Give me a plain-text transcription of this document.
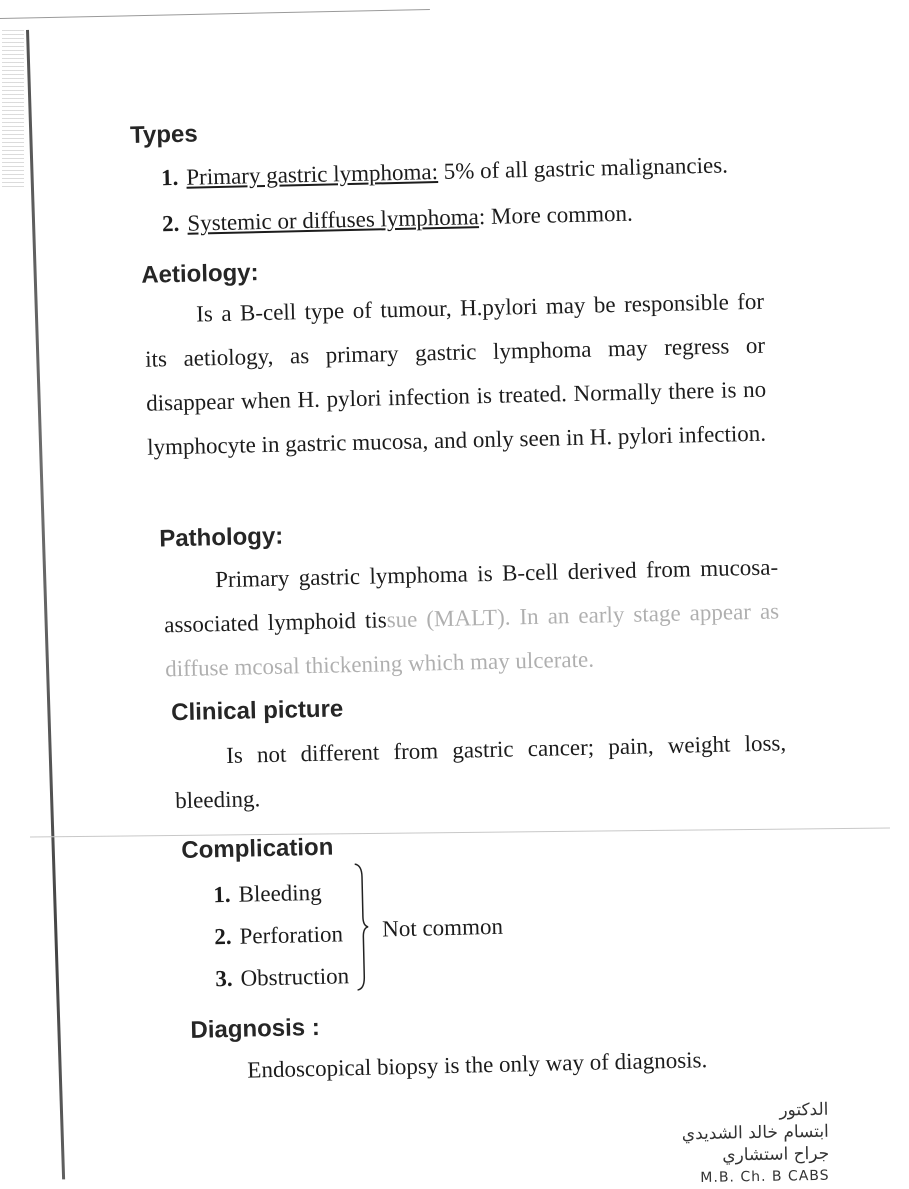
Types
1. Primary gastric lymphoma: 5% of all gastric malignancies.
2. Systemic or diffuses lymphoma: More common.
Aetiology:

Is a B-cell type of tumour, H.pylori may be responsible for its aetiology, as primary gastric lymphoma may regress or disappear when H. pylori infection is treated. Normally there is no lymphocyte in gastric mucosa, and only seen in H. pylori infection.

Pathology:

Primary gastric lymphoma is B-cell derived from mucosa-associated lymphoid tissue (MALT). In an early stage appear as diffuse mcosal thickening which may ulcerate.

Clinical picture

Is not different from gastric cancer; pain, weight loss, bleeding.

Complication
1. Bleeding
2. Perforation
3. Obstruction
Not common
Diagnosis :
Endoscopical biopsy is the only way of diagnosis.
الدكتور
ابتسام خالد الشديدي
جراح استشاري
M.B. Ch. B CABS
